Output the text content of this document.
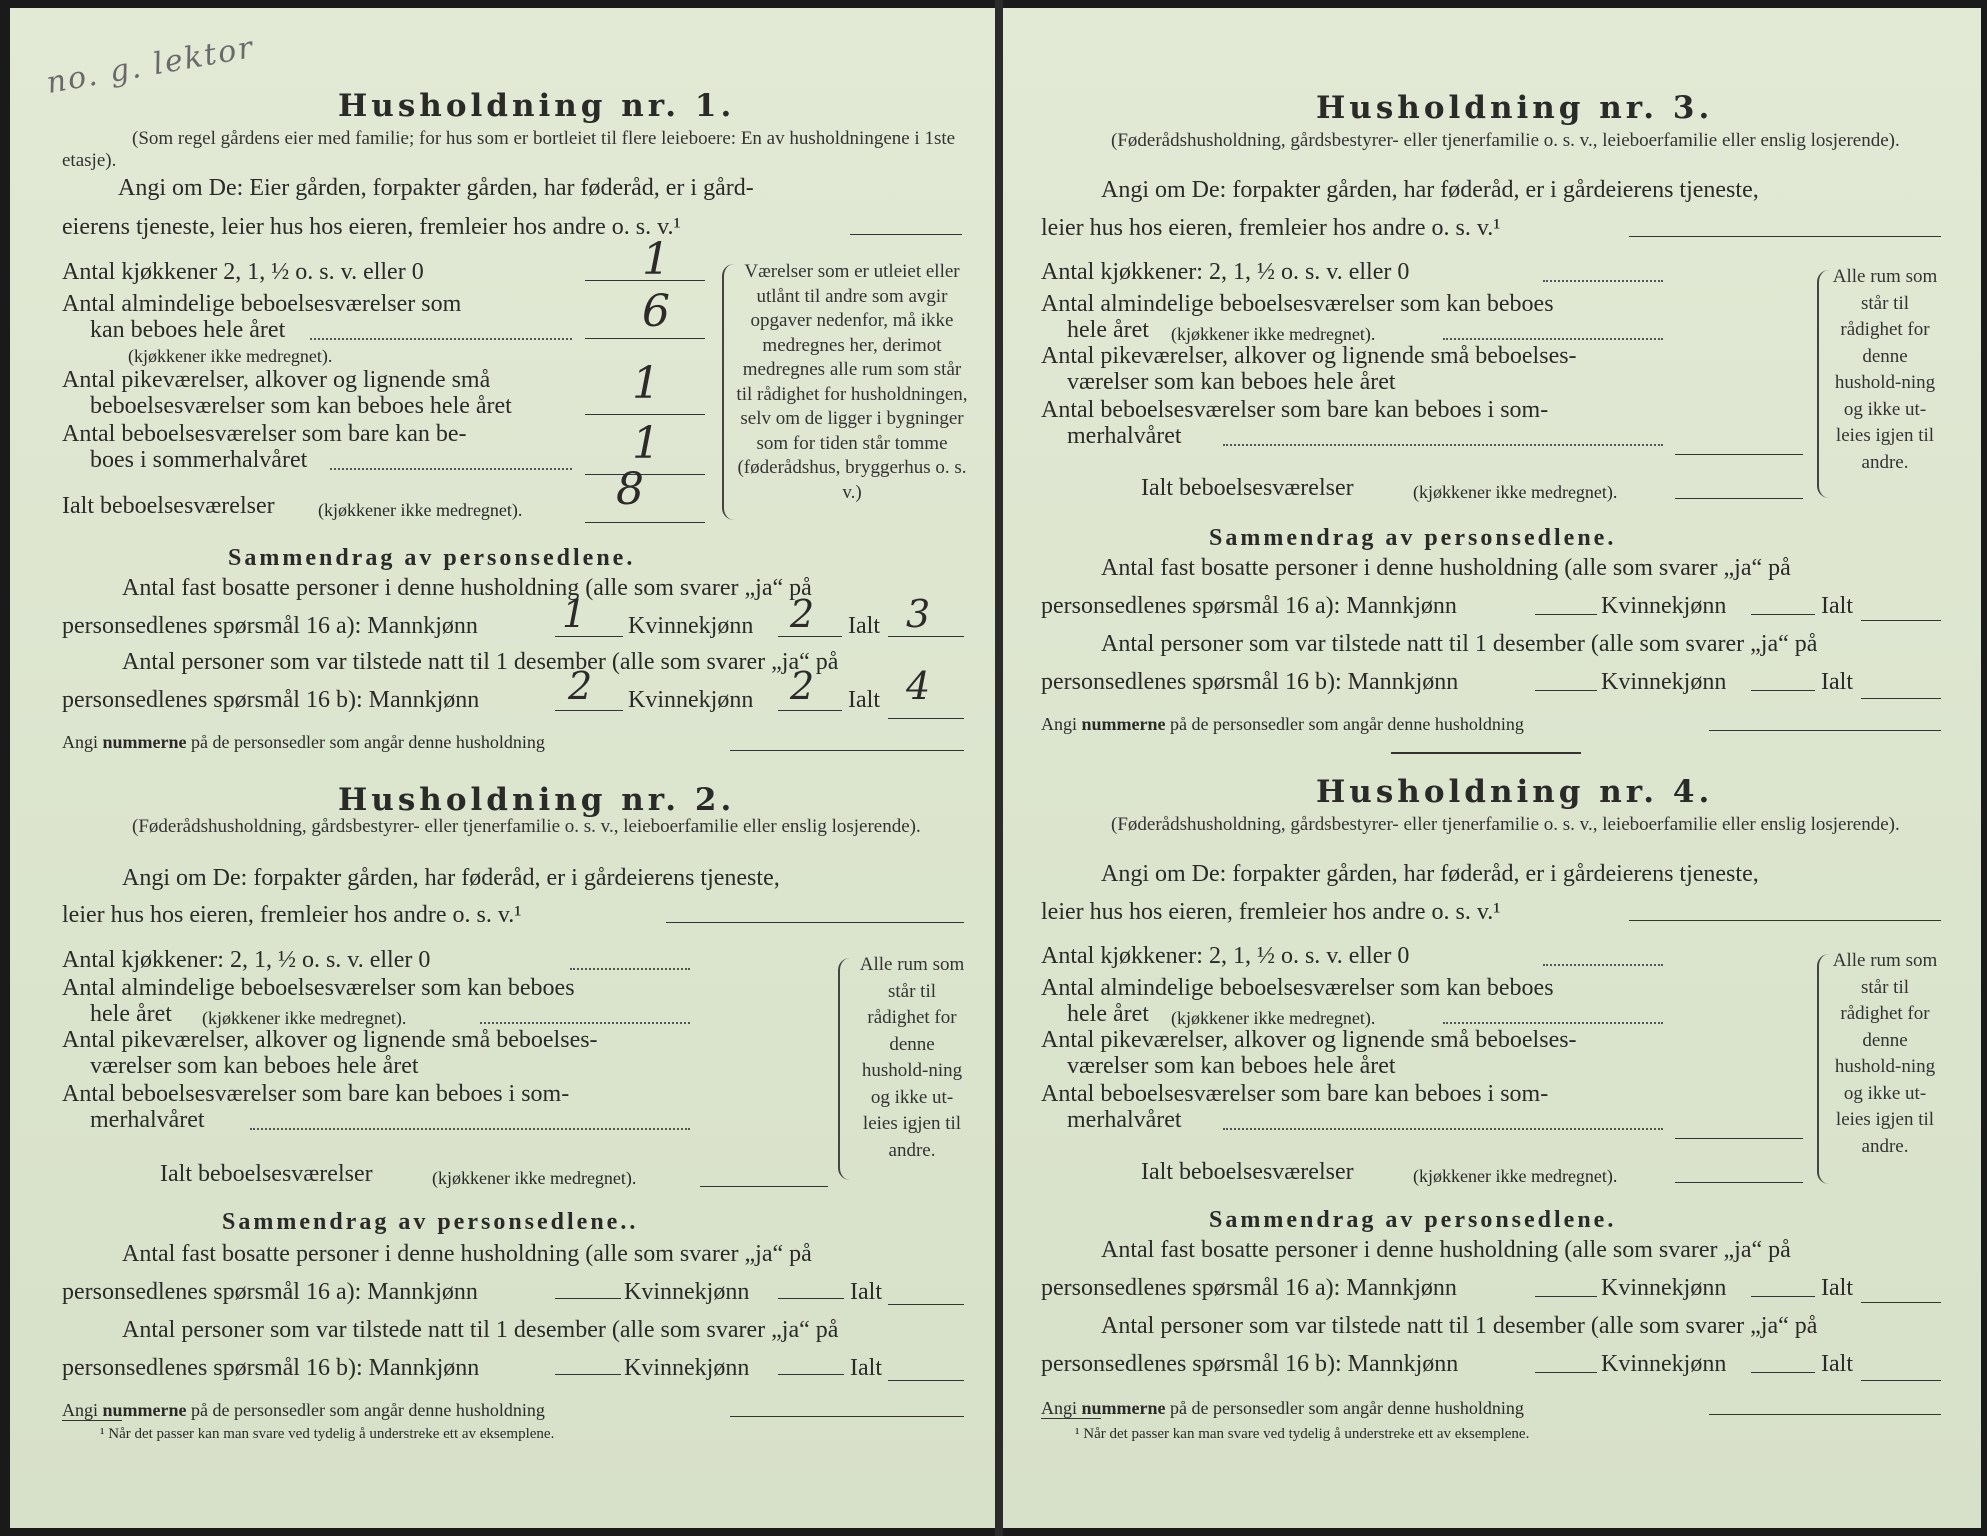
no. g. lektor
Husholdning nr. 1.
(Som regel gårdens eier med familie; for hus som er bortleiet til flere leieboere: En av husholdningene i 1ste etasje).
Angi om De: Eier gården, forpakter gården, har føderåd, er i gård-
eierens tjeneste, leier hus hos eieren, fremleier hos andre o. s. v.¹
Antal kjøkkener 2, 1, ½ o. s. v. eller 0	1
Antal almindelige beboelsesværelser som
kan beboes hele året	6
(kjøkkener ikke medregnet).
Antal pikeværelser, alkover og lignende små
beboelsesværelser som kan beboes hele året	1
Antal beboelsesværelser som bare kan be-
boes i sommerhalvåret	1
Ialt beboelsesværelser (kjøkkener ikke medregnet). 8
Værelser som er utleiet eller utlånt til andre som avgir opgaver nedenfor, må ikke medregnes her, derimot medregnes alle rum som står til rådighet for husholdningen, selv om de ligger i bygninger som for tiden står tomme (føderådshus, bryggerhus o. s. v.)
Sammendrag av personsedlene.
Antal fast bosatte personer i denne husholdning (alle som svarer „ja“ på
personsedlenes spørsmål 16 a): Mannkjønn 1 Kvinnekjønn 2 Ialt 3
Antal personer som var tilstede natt til 1 desember (alle som svarer „ja“ på
personsedlenes spørsmål 16 b): Mannkjønn 2 Kvinnekjønn 2 Ialt 4
Angi nummerne på de personsedler som angår denne husholdning
Husholdning nr. 2.
(Føderådshusholdning, gårdsbestyrer- eller tjenerfamilie o. s. v., leieboerfamilie eller enslig losjerende).
Angi om De: forpakter gården, har føderåd, er i gårdeierens tjeneste,
leier hus hos eieren, fremleier hos andre o. s. v.¹
Antal kjøkkener: 2, 1, ½ o. s. v. eller 0
Antal almindelige beboelsesværelser som kan beboes
hele året (kjøkkener ikke medregnet).
Antal pikeværelser, alkover og lignende små beboelses-
værelser som kan beboes hele året
Antal beboelsesværelser som bare kan beboes i som-
merhalvåret
Ialt beboelsesværelser	(kjøkkener ikke medregnet).
Alle rum som står til rådighet for denne hushold-ning og ikke ut-leies igjen til andre.
Sammendrag av personsedlene..
Antal fast bosatte personer i denne husholdning (alle som svarer „ja“ på
personsedlenes spørsmål 16 a): Mannkjønn	Kvinnekjønn	Ialt
Antal personer som var tilstede natt til 1 desember (alle som svarer „ja“ på
personsedlenes spørsmål 16 b): Mannkjønn	Kvinnekjønn	Ialt
Angi nummerne på de personsedler som angår denne husholdning
¹ Når det passer kan man svare ved tydelig å understreke ett av eksemplene.
Husholdning nr. 3.
(Føderådshusholdning, gårdsbestyrer- eller tjenerfamilie o. s. v., leieboerfamilie eller enslig losjerende).
Angi om De: forpakter gården, har føderåd, er i gårdeierens tjeneste,
leier hus hos eieren, fremleier hos andre o. s. v.¹
Antal kjøkkener: 2, 1, ½ o. s. v. eller 0
Antal almindelige beboelsesværelser som kan beboes
hele året (kjøkkener ikke medregnet).
Antal pikeværelser, alkover og lignende små beboelses-
værelser som kan beboes hele året
Antal beboelsesværelser som bare kan beboes i som-
merhalvåret
Ialt beboelsesværelser	(kjøkkener ikke medregnet).
Alle rum som står til rådighet for denne hushold-ning og ikke ut-leies igjen til andre.
Sammendrag av personsedlene.
Antal fast bosatte personer i denne husholdning (alle som svarer „ja“ på
personsedlenes spørsmål 16 a): Mannkjønn	Kvinnekjønn	Ialt
Antal personer som var tilstede natt til 1 desember (alle som svarer „ja“ på
personsedlenes spørsmål 16 b): Mannkjønn	Kvinnekjønn	Ialt
Angi nummerne på de personsedler som angår denne husholdning
Husholdning nr. 4.
(Føderådshusholdning, gårdsbestyrer- eller tjenerfamilie o. s. v., leieboerfamilie eller enslig losjerende).
Angi om De: forpakter gården, har føderåd, er i gårdeierens tjeneste,
leier hus hos eieren, fremleier hos andre o. s. v.¹
Antal kjøkkener: 2, 1, ½ o. s. v. eller 0
Antal almindelige beboelsesværelser som kan beboes
hele året (kjøkkener ikke medregnet).
Antal pikeværelser, alkover og lignende små beboelses-
værelser som kan beboes hele året
Antal beboelsesværelser som bare kan beboes i som-
merhalvåret
Ialt beboelsesværelser	(kjøkkener ikke medregnet).
Alle rum som står til rådighet for denne hushold-ning og ikke ut-leies igjen til andre.
Sammendrag av personsedlene.
Antal fast bosatte personer i denne husholdning (alle som svarer „ja“ på
personsedlenes spørsmål 16 a): Mannkjønn	Kvinnekjønn	Ialt
Antal personer som var tilstede natt til 1 desember (alle som svarer „ja“ på
personsedlenes spørsmål 16 b): Mannkjønn	Kvinnekjønn	Ialt
Angi nummerne på de personsedler som angår denne husholdning
¹ Når det passer kan man svare ved tydelig å understreke ett av eksemplene.
